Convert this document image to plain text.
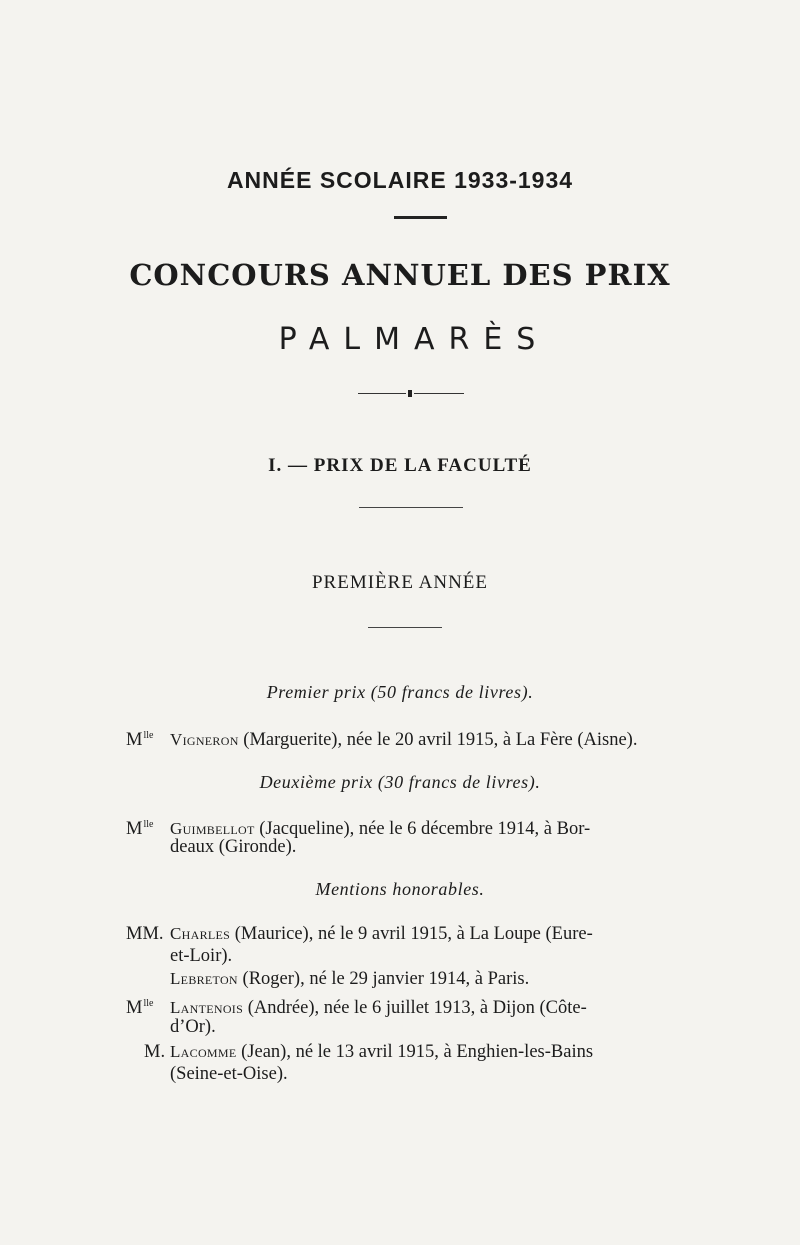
ANNÉE SCOLAIRE 1933-1934
CONCOURS ANNUEL DES PRIX
PALMARÈS
I. — PRIX DE LA FACULTÉ
PREMIÈRE ANNÉE
Premier prix (50 francs de livres).
$M^{lle}$ Vigneron (Marguerite), née le 20 avril 1915, à La Fère (Aisne).
Deuxième prix (30 francs de livres).
$M^{lle}$ Guimbellot (Jacqueline), née le 6 décembre 1914, à Bor-
deaux (Gironde).
Mentions honorables.
MM. Charles (Maurice), né le 9 avril 1915, à La Loupe (Eure-
et-Loir).
Lebreton (Roger), né le 29 janvier 1914, à Paris.
$M^{lle}$ Lantenois (Andrée), née le 6 juillet 1913, à Dijon (Côte-
d’Or).
M. Lacomme (Jean), né le 13 avril 1915, à Enghien-les-Bains
(Seine-et-Oise).
